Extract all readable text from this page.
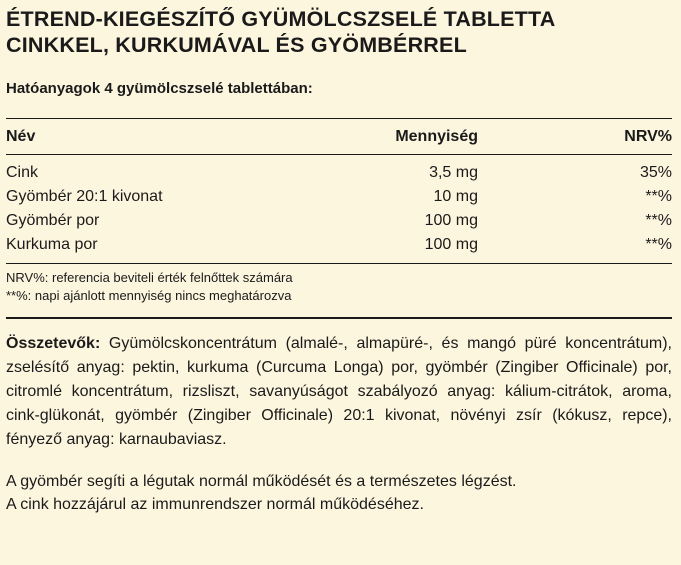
ÉTREND-KIEGÉSZÍTŐ GYÜMÖLCSZSELÉ TABLETTA
CINKKEL, KURKUMÁVAL ÉS GYÖMBÉRREL
Hatóanyagok 4 gyümölcszselé tablettában:
Név	Mennyiség	NRV%
Cink	3,5 mg	35%
Gyömbér 20:1 kivonat	10 mg	**%
Gyömbér por	100 mg	**%
Kurkuma por	100 mg	**%
NRV%: referencia beviteli érték felnőttek számára
**%: napi ajánlott mennyiség nincs meghatározva
Összetevők: Gyümölcskoncentrátum (almalé-, almapüré-, és mangó püré koncentrátum), zselésítő anyag: pektin, kurkuma (Curcuma Longa) por, gyömbér (Zingiber Officinale) por, citromlé koncentrátum, rizsliszt, savanyúságot szabályozó anyag: kálium-citrátok, aroma, cink-glükonát, gyömbér (Zingiber Officinale) 20:1 kivonat, növényi zsír (kókusz, repce), fényező anyag: karnaubaviasz.
A gyömbér segíti a légutak normál működését és a természetes légzést.
A cink hozzájárul az immunrendszer normál működéséhez.
